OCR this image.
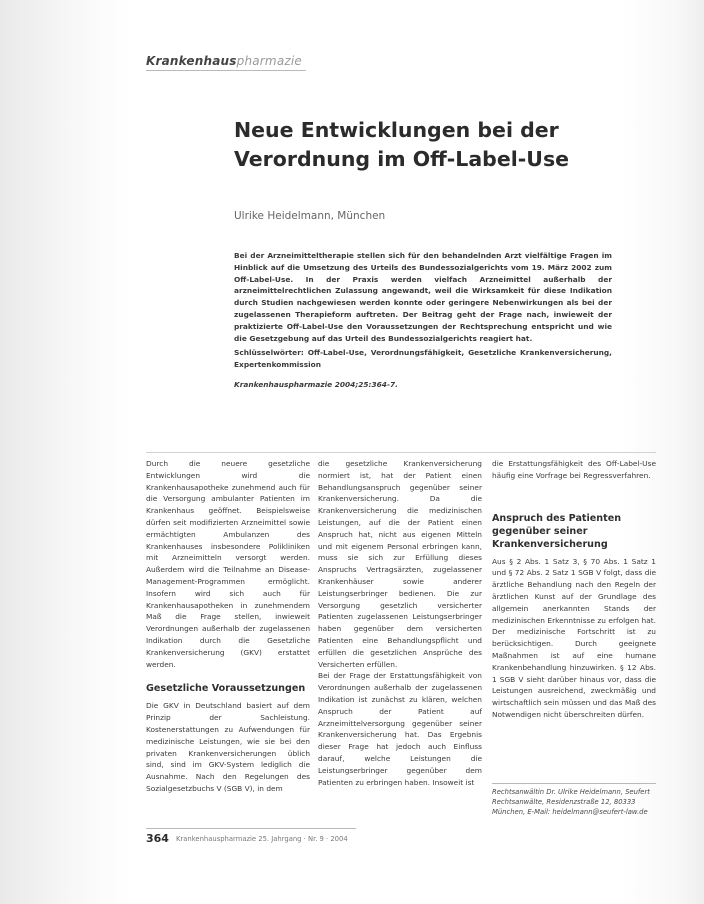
Krankenhauspharmazie
Neue Entwicklungen bei der Verordnung im Off-Label-Use
Ulrike Heidelmann, München

Bei der Arzneimitteltherapie stellen sich für den behandelnden Arzt vielfältige Fragen im Hinblick auf die Umsetzung des Urteils des Bundessozialgerichts vom 19. März 2002 zum Off-Label-Use. In der Praxis werden vielfach Arzneimittel außerhalb der arzneimittelrechtlichen Zulassung angewandt, weil die Wirksamkeit für diese Indikation durch Studien nachgewiesen werden konnte oder geringere Nebenwirkungen als bei der zugelassenen Therapieform auftreten. Der Beitrag geht der Frage nach, inwieweit der praktizierte Off-Label-Use den Voraussetzungen der Rechtsprechung entspricht und wie die Gesetzgebung auf das Urteil des Bundessozialgerichts reagiert hat.

Schlüsselwörter: Off-Label-Use, Verordnungsfähigkeit, Gesetzliche Krankenversicherung, Expertenkommission

Krankenhauspharmazie 2004;25:364-7.

Durch die neuere gesetzliche Entwicklungen wird die Krankenhausapotheke zunehmend auch für die Versorgung ambulanter Patienten im Krankenhaus geöffnet. Beispielsweise dürfen seit modifizierten Arzneimittel sowie ermächtigten Ambulanzen des Krankenhauses insbesondere Polikliniken mit Arzneimitteln versorgt werden. Außerdem wird die Teilnahme an Disease-Management-Programmen ermöglicht. Insofern wird sich auch für Krankenhausapotheken in zunehmendem Maß die Frage stellen, inwieweit Verordnungen außerhalb der zugelassenen Indikation durch die Gesetzliche Krankenversicherung (GKV) erstattet werden.

Gesetzliche Voraussetzungen

Die GKV in Deutschland basiert auf dem Prinzip der Sachleistung. Kostenerstattungen zu Aufwendungen für medizinische Leistungen, wie sie bei den privaten Krankenversicherungen üblich sind, sind im GKV-System lediglich die Ausnahme. Nach den Regelungen des Sozialgesetzbuchs V (SGB V), in dem

die gesetzliche Krankenversicherung normiert ist, hat der Patient einen Behandlungsanspruch gegenüber seiner Krankenversicherung. Da die Krankenversicherung die medizinischen Leistungen, auf die der Patient einen Anspruch hat, nicht aus eigenen Mitteln und mit eigenem Personal erbringen kann, muss sie sich zur Erfüllung dieses Anspruchs Vertragsärzten, zugelassener Krankenhäuser sowie anderer Leistungserbringer bedienen. Die zur Versorgung gesetzlich versicherter Patienten zugelassenen Leistungserbringer haben gegenüber dem versicherten Patienten eine Behandlungspflicht und erfüllen die gesetzlichen Ansprüche des Versicherten erfüllen.

Bei der Frage der Erstattungsfähigkeit von Verordnungen außerhalb der zugelassenen Indikation ist zunächst zu klären, welchen Anspruch der Patient auf Arzneimittelversorgung gegenüber seiner Krankenversicherung hat. Das Ergebnis dieser Frage hat jedoch auch Einfluss darauf, welche Leistungen die Leistungserbringer gegenüber dem Patienten zu erbringen haben. Insoweit ist

die Erstattungsfähigkeit des Off-Label-Use häufig eine Vorfrage bei Regressverfahren.

Anspruch des Patienten gegenüber seiner Krankenversicherung

Aus § 2 Abs. 1 Satz 3, § 70 Abs. 1 Satz 1 und § 72 Abs. 2 Satz 1 SGB V folgt, dass die ärztliche Behandlung nach den Regeln der ärztlichen Kunst auf der Grundlage des allgemein anerkannten Stands der medizinischen Erkenntnisse zu erfolgen hat. Der medizinische Fortschritt ist zu berücksichtigen. Durch geeignete Maßnahmen ist auf eine humane Krankenbehandlung hinzuwirken. § 12 Abs. 1 SGB V sieht darüber hinaus vor, dass die Leistungen ausreichend, zweckmäßig und wirtschaftlich sein müssen und das Maß des Notwendigen nicht überschreiten dürfen.

Rechtsanwältin Dr. Ulrike Heidelmann, Seufert Rechtsanwälte, Residenzstraße 12, 80333 München, E-Mail: heidelmann@seufert-law.de
364 Krankenhauspharmazie 25. Jahrgang · Nr. 9 · 2004
